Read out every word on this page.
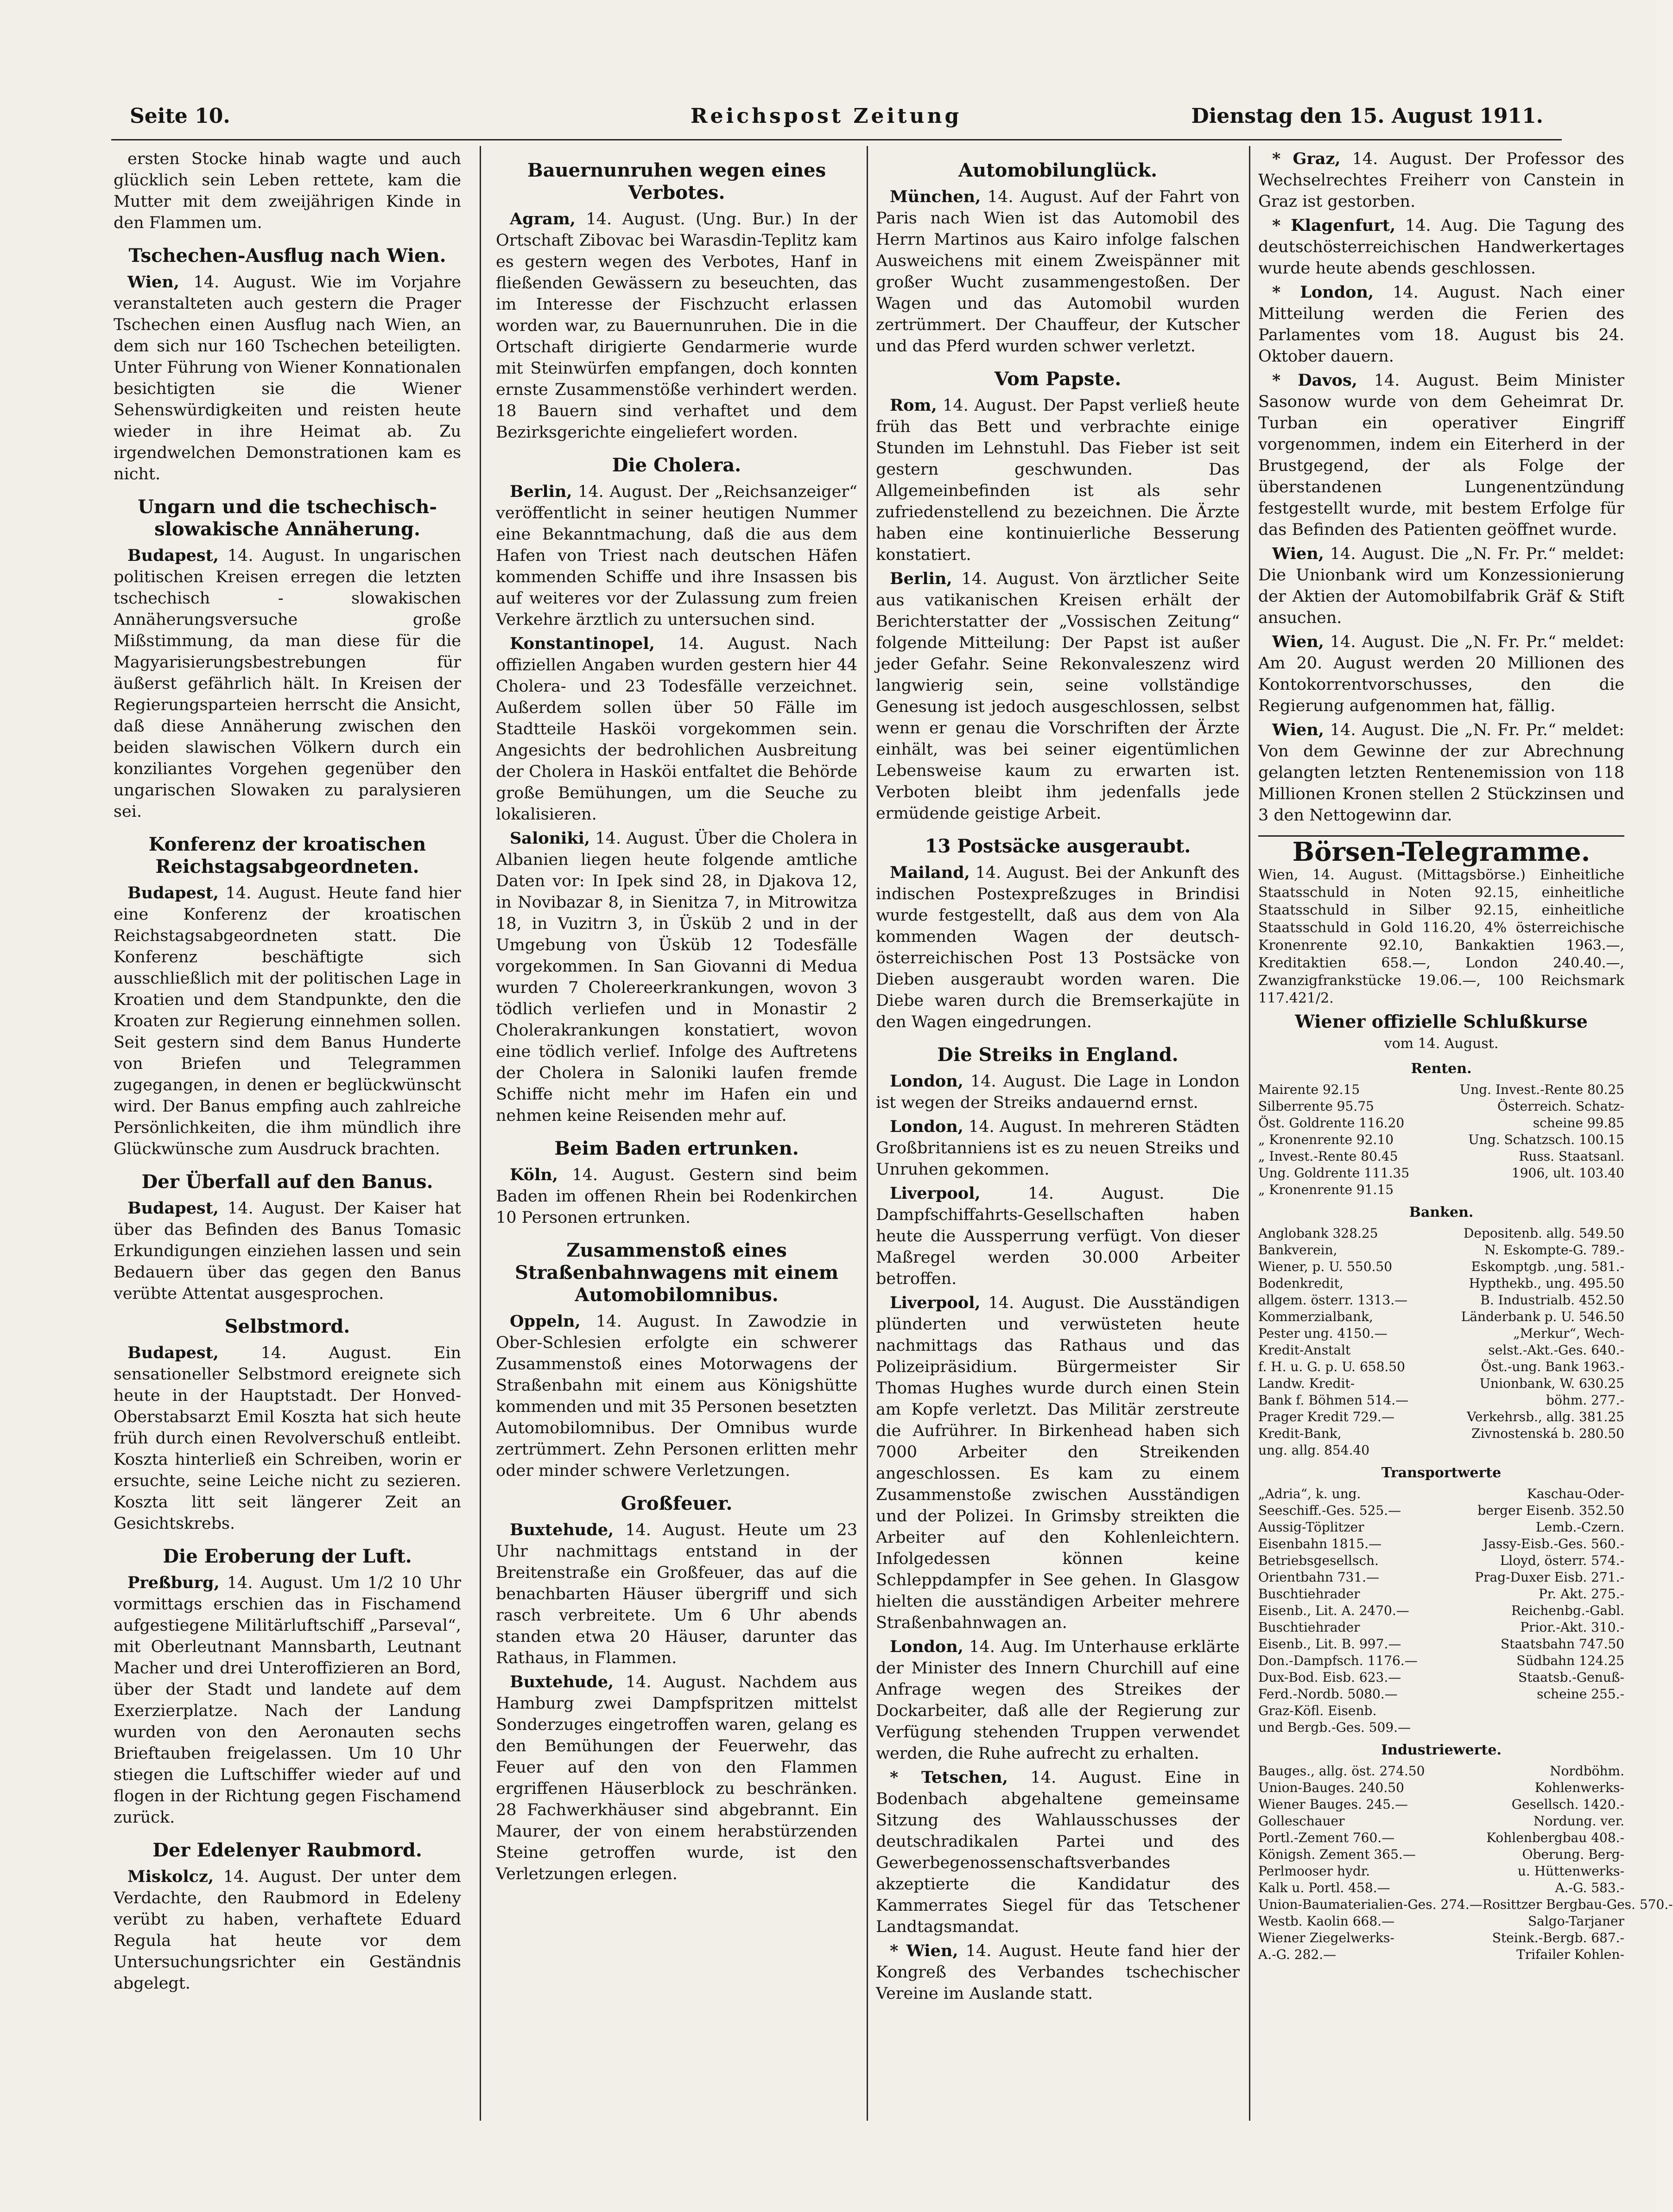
Seite 10.	Reichspost Zeitung	Dienstag den 15. August 1911.

ersten Stocke hinab wagte und auch glücklich sein Leben rettete, kam die Mutter mit dem zweijährigen Kinde in den Flammen um.

Tschechen-Ausflug nach Wien.

Wien, 14. August. Wie im Vorjahre veranstalteten auch gestern die Prager Tschechen einen Ausflug nach Wien, an dem sich nur 160 Tschechen beteiligten. Unter Führung von Wiener Konnationalen besichtigten sie die Wiener Sehenswürdigkeiten und reisten heute wieder in ihre Heimat ab. Zu irgendwelchen Demonstrationen kam es nicht.

Ungarn und die tschechisch-slowakische Annäherung.

Budapest, 14. August. In ungarischen politischen Kreisen erregen die letzten tschechisch - slowakischen Annäherungsversuche große Mißstimmung, da man diese für die Magyarisierungsbestrebungen für äußerst gefährlich hält. In Kreisen der Regierungsparteien herrscht die Ansicht, daß diese Annäherung zwischen den beiden slawischen Völkern durch ein konziliantes Vorgehen gegenüber den ungarischen Slowaken zu paralysieren sei.

Konferenz der kroatischen Reichstagsabgeordneten.

Budapest, 14. August. Heute fand hier eine Konferenz der kroatischen Reichstagsabgeordneten statt. Die Konferenz beschäftigte sich ausschließlich mit der politischen Lage in Kroatien und dem Standpunkte, den die Kroaten zur Regierung einnehmen sollen. Seit gestern sind dem Banus Hunderte von Briefen und Telegrammen zugegangen, in denen er beglückwünscht wird. Der Banus empfing auch zahlreiche Persönlichkeiten, die ihm mündlich ihre Glückwünsche zum Ausdruck brachten.

Der Überfall auf den Banus.

Budapest, 14. August. Der Kaiser hat über das Befinden des Banus Tomasic Erkundigungen einziehen lassen und sein Bedauern über das gegen den Banus verübte Attentat ausgesprochen.

Selbstmord.

Budapest, 14. August. Ein sensationeller Selbstmord ereignete sich heute in der Hauptstadt. Der Honved-Oberstabsarzt Emil Koszta hat sich heute früh durch einen Revolverschuß entleibt. Koszta hinterließ ein Schreiben, worin er ersuchte, seine Leiche nicht zu sezieren. Koszta litt seit längerer Zeit an Gesichtskrebs.

Die Eroberung der Luft.

Preßburg, 14. August. Um 1/2 10 Uhr vormittags erschien das in Fischamend aufgestiegene Militärluftschiff „Parseval“, mit Oberleutnant Mannsbarth, Leutnant Macher und drei Unteroffizieren an Bord, über der Stadt und landete auf dem Exerzierplatze. Nach der Landung wurden von den Aeronauten sechs Brieftauben freigelassen. Um 10 Uhr stiegen die Luftschiffer wieder auf und flogen in der Richtung gegen Fischamend zurück.

Der Edelenyer Raubmord.

Miskolcz, 14. August. Der unter dem Verdachte, den Raubmord in Edeleny verübt zu haben, verhaftete Eduard Regula hat heute vor dem Untersuchungsrichter ein Geständnis abgelegt.

Bauernunruhen wegen eines Verbotes.

Agram, 14. August. (Ung. Bur.) In der Ortschaft Zibovac bei Warasdin-Teplitz kam es gestern wegen des Verbotes, Hanf in fließenden Gewässern zu beseuchten, das im Interesse der Fischzucht erlassen worden war, zu Bauernunruhen. Die in die Ortschaft dirigierte Gendarmerie wurde mit Steinwürfen empfangen, doch konnten ernste Zusammenstöße verhindert werden. 18 Bauern sind verhaftet und dem Bezirksgerichte eingeliefert worden.

Die Cholera.

Berlin, 14. August. Der „Reichsanzeiger“ veröffentlicht in seiner heutigen Nummer eine Bekanntmachung, daß die aus dem Hafen von Triest nach deutschen Häfen kommenden Schiffe und ihre Insassen bis auf weiteres vor der Zulassung zum freien Verkehre ärztlich zu untersuchen sind.

Konstantinopel, 14. August. Nach offiziellen Angaben wurden gestern hier 44 Cholera- und 23 Todesfälle verzeichnet. Außerdem sollen über 50 Fälle im Stadtteile Hasköi vorgekommen sein. Angesichts der bedrohlichen Ausbreitung der Cholera in Hasköi entfaltet die Behörde große Bemühungen, um die Seuche zu lokalisieren.

Saloniki, 14. August. Über die Cholera in Albanien liegen heute folgende amtliche Daten vor: In Ipek sind 28, in Djakova 12, in Novibazar 8, in Sienitza 7, in Mitrowitza 18, in Vuzitrn 3, in Üsküb 2 und in der Umgebung von Üsküb 12 Todesfälle vorgekommen. In San Giovanni di Medua wurden 7 Cholereerkrankungen, wovon 3 tödlich verliefen und in Monastir 2 Cholerakrankungen konstatiert, wovon eine tödlich verlief. Infolge des Auftretens der Cholera in Saloniki laufen fremde Schiffe nicht mehr im Hafen ein und nehmen keine Reisenden mehr auf.

Beim Baden ertrunken.

Köln, 14. August. Gestern sind beim Baden im offenen Rhein bei Rodenkirchen 10 Personen ertrunken.

Zusammenstoß eines Straßenbahnwagens mit einem Automobilomnibus.

Oppeln, 14. August. In Zawodzie in Ober-Schlesien erfolgte ein schwerer Zusammenstoß eines Motorwagens der Straßenbahn mit einem aus Königshütte kommenden und mit 35 Personen besetzten Automobilomnibus. Der Omnibus wurde zertrümmert. Zehn Personen erlitten mehr oder minder schwere Verletzungen.

Großfeuer.

Buxtehude, 14. August. Heute um 23 Uhr nachmittags entstand in der Breitenstraße ein Großfeuer, das auf die benachbarten Häuser übergriff und sich rasch verbreitete. Um 6 Uhr abends standen etwa 20 Häuser, darunter das Rathaus, in Flammen.

Buxtehude, 14. August. Nachdem aus Hamburg zwei Dampfspritzen mittelst Sonderzuges eingetroffen waren, gelang es den Bemühungen der Feuerwehr, das Feuer auf den von den Flammen ergriffenen Häuserblock zu beschränken. 28 Fachwerkhäuser sind abgebrannt. Ein Maurer, der von einem herabstürzenden Steine getroffen wurde, ist den Verletzungen erlegen.

Automobilunglück.

München, 14. August. Auf der Fahrt von Paris nach Wien ist das Automobil des Herrn Martinos aus Kairo infolge falschen Ausweichens mit einem Zweispänner mit großer Wucht zusammengestoßen. Der Wagen und das Automobil wurden zertrümmert. Der Chauffeur, der Kutscher und das Pferd wurden schwer verletzt.

Vom Papste.

Rom, 14. August. Der Papst verließ heute früh das Bett und verbrachte einige Stunden im Lehnstuhl. Das Fieber ist seit gestern geschwunden. Das Allgemeinbefinden ist als sehr zufriedenstellend zu bezeichnen. Die Ärzte haben eine kontinuierliche Besserung konstatiert.

Berlin, 14. August. Von ärztlicher Seite aus vatikanischen Kreisen erhält der Berichterstatter der „Vossischen Zeitung“ folgende Mitteilung: Der Papst ist außer jeder Gefahr. Seine Rekonvaleszenz wird langwierig sein, seine vollständige Genesung ist jedoch ausgeschlossen, selbst wenn er genau die Vorschriften der Ärzte einhält, was bei seiner eigentümlichen Lebensweise kaum zu erwarten ist. Verboten bleibt ihm jedenfalls jede ermüdende geistige Arbeit.

13 Postsäcke ausgeraubt.

Mailand, 14. August. Bei der Ankunft des indischen Postexpreßzuges in Brindisi wurde festgestellt, daß aus dem von Ala kommenden Wagen der deutsch-österreichischen Post 13 Postsäcke von Dieben ausgeraubt worden waren. Die Diebe waren durch die Bremserkajüte in den Wagen eingedrungen.

Die Streiks in England.

London, 14. August. Die Lage in London ist wegen der Streiks andauernd ernst.

London, 14. August. In mehreren Städten Großbritanniens ist es zu neuen Streiks und Unruhen gekommen.

Liverpool, 14. August. Die Dampfschiffahrts-Gesellschaften haben heute die Aussperrung verfügt. Von dieser Maßregel werden 30.000 Arbeiter betroffen.

Liverpool, 14. August. Die Ausständigen plünderten und verwüsteten heute nachmittags das Rathaus und das Polizeipräsidium. Bürgermeister Sir Thomas Hughes wurde durch einen Stein am Kopfe verletzt. Das Militär zerstreute die Aufrührer. In Birkenhead haben sich 7000 Arbeiter den Streikenden angeschlossen. Es kam zu einem Zusammenstoße zwischen Ausständigen und der Polizei. In Grimsby streikten die Arbeiter auf den Kohlenleichtern. Infolgedessen können keine Schleppdampfer in See gehen. In Glasgow hielten die ausständigen Arbeiter mehrere Straßenbahnwagen an.

London, 14. Aug. Im Unterhause erklärte der Minister des Innern Churchill auf eine Anfrage wegen des Streikes der Dockarbeiter, daß alle der Regierung zur Verfügung stehenden Truppen verwendet werden, die Ruhe aufrecht zu erhalten.

* Tetschen, 14. August. Eine in Bodenbach abgehaltene gemeinsame Sitzung des Wahlausschusses der deutschradikalen Partei und des Gewerbegenossenschaftsverbandes akzeptierte die Kandidatur des Kammerrates Siegel für das Tetschener Landtagsmandat.

* Wien, 14. August. Heute fand hier der Kongreß des Verbandes tschechischer Vereine im Auslande statt.

* Graz, 14. August. Der Professor des Wechselrechtes Freiherr von Canstein in Graz ist gestorben.

* Klagenfurt, 14. Aug. Die Tagung des deutschösterreichischen Handwerkertages wurde heute abends geschlossen.

* London, 14. August. Nach einer Mitteilung werden die Ferien des Parlamentes vom 18. August bis 24. Oktober dauern.

* Davos, 14. August. Beim Minister Sasonow wurde von dem Geheimrat Dr. Turban ein operativer Eingriff vorgenommen, indem ein Eiterherd in der Brustgegend, der als Folge der überstandenen Lungenentzündung festgestellt wurde, mit bestem Erfolge für das Befinden des Patienten geöffnet wurde.

Wien, 14. August. Die „N. Fr. Pr.“ meldet: Die Unionbank wird um Konzessionierung der Aktien der Automobilfabrik Gräf & Stift ansuchen.

Wien, 14. August. Die „N. Fr. Pr.“ meldet: Am 20. August werden 20 Millionen des Kontokorrentvorschusses, den die Regierung aufgenommen hat, fällig.

Wien, 14. August. Die „N. Fr. Pr.“ meldet: Von dem Gewinne der zur Abrechnung gelangten letzten Rentenemission von 118 Millionen Kronen stellen 2 Stückzinsen und 3 den Nettogewinn dar.

Börsen-Telegramme.
Wien, 14. August. (Mittagsbörse.) Einheitliche Staatsschuld in Noten 92.15, einheitliche Staatsschuld in Silber 92.15, einheitliche Staatsschuld in Gold 116.20, 4% österreichische Kronenrente 92.10, Bankaktien 1963.—, Kreditaktien 658.—, London 240.40.—, Zwanzigfrankstücke 19.06.—, 100 Reichsmark 117.421/2.
Wiener offizielle Schlußkurse
vom 14. August.
Renten.
Mairente 92.15	Ung. Invest.-Rente 80.25
Silberrente 95.75	Österreich. Schatz-
Öst. Goldrente 116.20	scheine 99.85
„ Kronenrente 92.10	Ung. Schatzsch. 100.15
„ Invest.-Rente 80.45	Russ. Staatsanl.
Ung. Goldrente 111.35	1906, ult. 103.40
„ Kronenrente 91.15
Banken.
Anglobank 328.25	Depositenb. allg. 549.50
Bankverein,	N. Eskompte-G. 789.-
Wiener, p. U. 550.50	Eskomptgb. ,ung. 581.-
Bodenkredit,	Hypthekb., ung. 495.50
allgem. österr. 1313.—	B. Industrialb. 452.50
Kommerzialbank,	Länderbank p. U. 546.50
Pester ung. 4150.—	„Merkur“, Wech-
Kredit-Anstalt	selst.-Akt.-Ges. 640.-
f. H. u. G. p. U. 658.50	Öst.-ung. Bank 1963.-
Landw. Kredit-	Unionbank, W. 630.25
Bank f. Böhmen 514.—	böhm. 277.-
Prager Kredit 729.—	Verkehrsb., allg. 381.25
Kredit-Bank,	Zivnostenská b. 280.50
ung. allg. 854.40
Transportwerte
„Adria“, k. ung.	Kaschau-Oder-
Seeschiff.-Ges. 525.—	berger Eisenb. 352.50
Aussig-Töplitzer	Lemb.-Czern.
Eisenbahn 1815.—	Jassy-Eisb.-Ges. 560.-
Betriebsgesellsch.	Lloyd, österr. 574.-
Orientbahn 731.—	Prag-Duxer Eisb. 271.-
Buschtiehrader	Pr. Akt. 275.-
Eisenb., Lit. A. 2470.—	Reichenbg.-Gabl.
Buschtiehrader	Prior.-Akt. 310.-
Eisenb., Lit. B. 997.—	Staatsbahn 747.50
Don.-Dampfsch. 1176.—	Südbahn 124.25
Dux-Bod. Eisb. 623.—	Staatsb.-Genuß-
Ferd.-Nordb. 5080.—	scheine 255.-
Graz-Köfl. Eisenb.
und Bergb.-Ges. 509.—
Industriewerte.
Bauges., allg. öst. 274.50	Nordböhm.
Union-Bauges. 240.50	Kohlenwerks-
Wiener Bauges. 245.—	Gesellsch. 1420.-
Golleschauer	Nordung. ver.
Portl.-Zement 760.—	Kohlenbergbau 408.-
Königsh. Zement 365.—	Oberung. Berg-
Perlmooser hydr.	u. Hüttenwerks-
Kalk u. Portl. 458.—	A.-G. 583.-
Union-Baumaterialien-Ges. 274.— Rosittzer Bergbau-Ges. 570.-
Westb. Kaolin 668.—	Salgo-Tarjaner
Wiener Ziegelwerks-	Steink.-Bergb. 687.-
A.-G. 282.—	Trifailer Kohlen-
